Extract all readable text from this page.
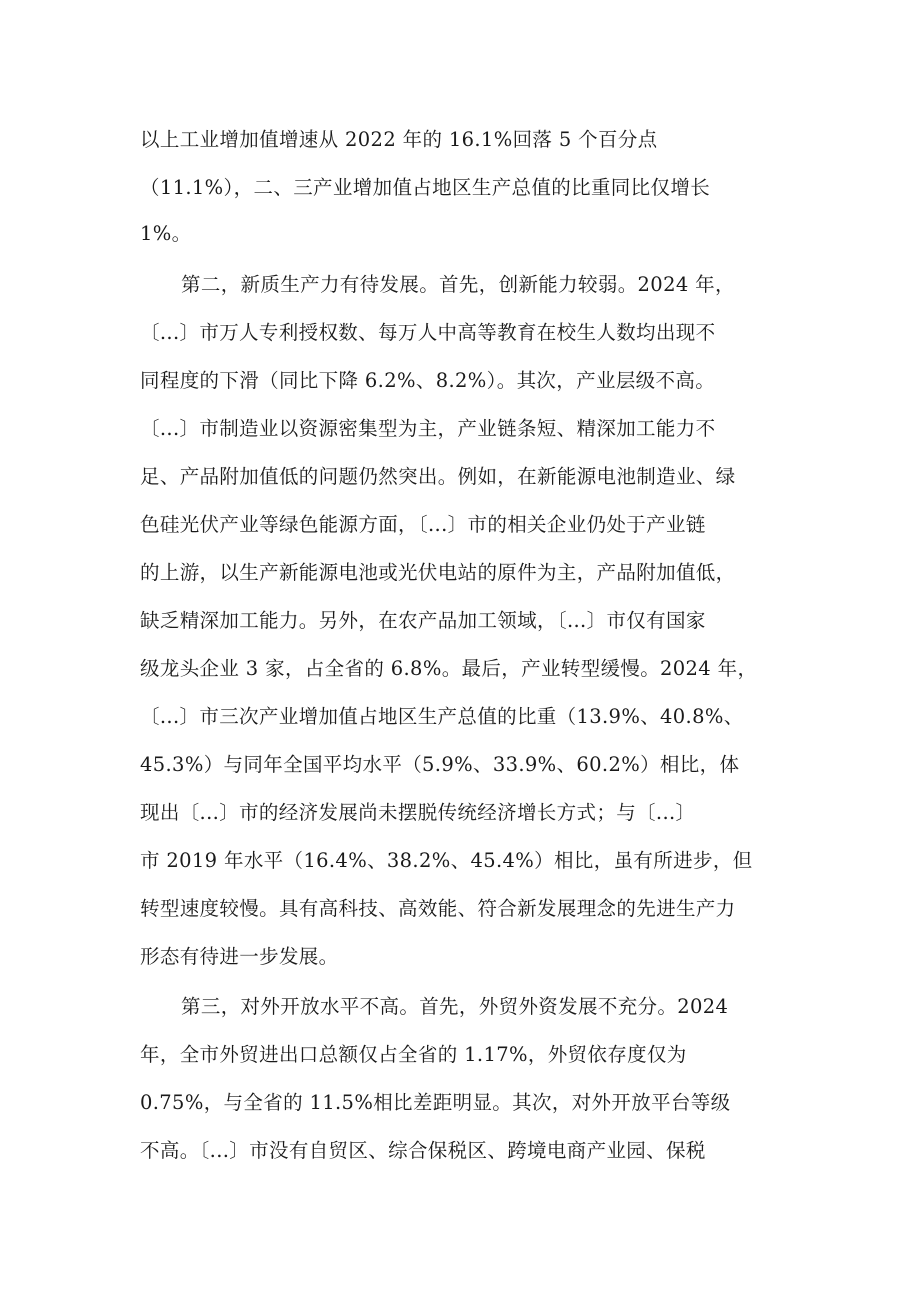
以上工业增加值增速从 2022 年的 16.1%回落 5 个百分点
（11.1%），二、三产业增加值占地区生产总值的比重同比仅增长
1%。
第二，新质生产力有待发展。首先，创新能力较弱。2024 年，
〔...〕市万人专利授权数、每万人中高等教育在校生人数均出现不
同程度的下滑（同比下降 6.2%、8.2%）。其次，产业层级不高。
〔...〕市制造业以资源密集型为主，产业链条短、精深加工能力不
足、产品附加值低的问题仍然突出。例如，在新能源电池制造业、绿
色硅光伏产业等绿色能源方面，〔...〕市的相关企业仍处于产业链
的上游，以生产新能源电池或光伏电站的原件为主，产品附加值低，
缺乏精深加工能力。另外，在农产品加工领域，〔...〕市仅有国家
级龙头企业 3 家，占全省的 6.8%。最后，产业转型缓慢。2024 年，
〔...〕市三次产业增加值占地区生产总值的比重（13.9%、40.8%、
45.3%）与同年全国平均水平（5.9%、33.9%、60.2%）相比，体
现出〔...〕市的经济发展尚未摆脱传统经济增长方式；与〔...〕
市 2019 年水平（16.4%、38.2%、45.4%）相比，虽有所进步，但
转型速度较慢。具有高科技、高效能、符合新发展理念的先进生产力
形态有待进一步发展。
第三，对外开放水平不高。首先，外贸外资发展不充分。2024
年，全市外贸进出口总额仅占全省的 1.17%，外贸依存度仅为
0.75%，与全省的 11.5%相比差距明显。其次，对外开放平台等级
不高。〔...〕市没有自贸区、综合保税区、跨境电商产业园、保税
